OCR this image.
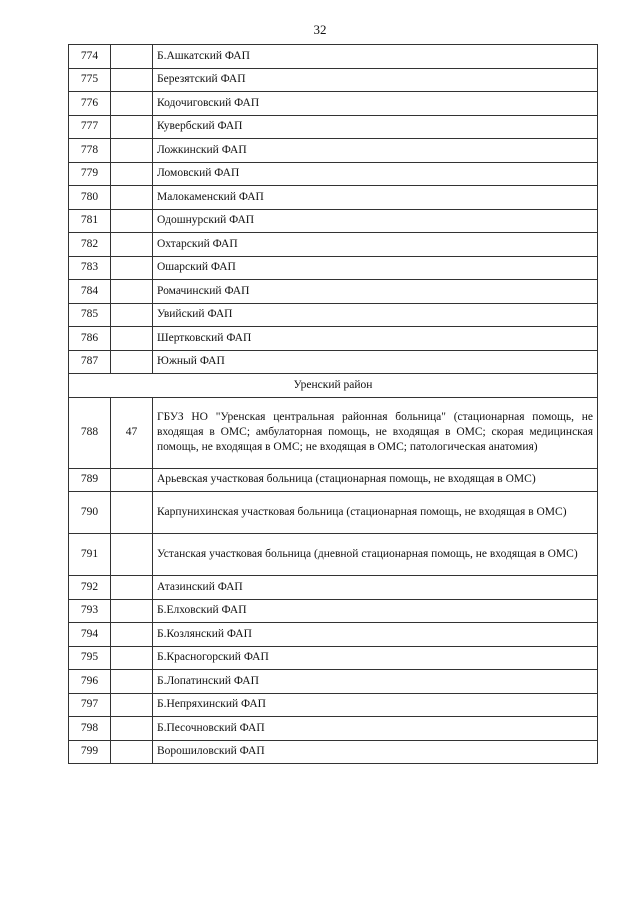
32
774		Б.Ашкатский ФАП
775		Березятский ФАП
776		Кодочиговский ФАП
777		Кувербский ФАП
778		Ложкинский ФАП
779		Ломовский ФАП
780		Малокаменский ФАП
781		Одошнурский ФАП
782		Охтарский ФАП
783		Ошарский ФАП
784		Ромачинский ФАП
785		Увийский ФАП
786		Шертковский ФАП
787		Южный ФАП
Уренский район		
788	47	ГБУЗ НО "Уренская центральная районная больница" (стационарная помощь, не входящая в ОМС; амбулаторная помощь, не входящая в ОМС; скорая медицинская помощь, не входящая в ОМС; не входящая в ОМС; патологическая анатомия)
789		Арьевская участковая больница (стационарная помощь, не входящая в ОМС)
790		Карпунихинская участковая больница (стационарная помощь, не входящая в ОМС)
791		Устанская участковая больница (дневной стационарная помощь, не входящая в ОМС)
792		Атазинский ФАП
793		Б.Елховский ФАП
794		Б.Козлянский ФАП
795		Б.Красногорский ФАП
796		Б.Лопатинский ФАП
797		Б.Непряхинский ФАП
798		Б.Песочновский ФАП
799		Ворошиловский ФАП
